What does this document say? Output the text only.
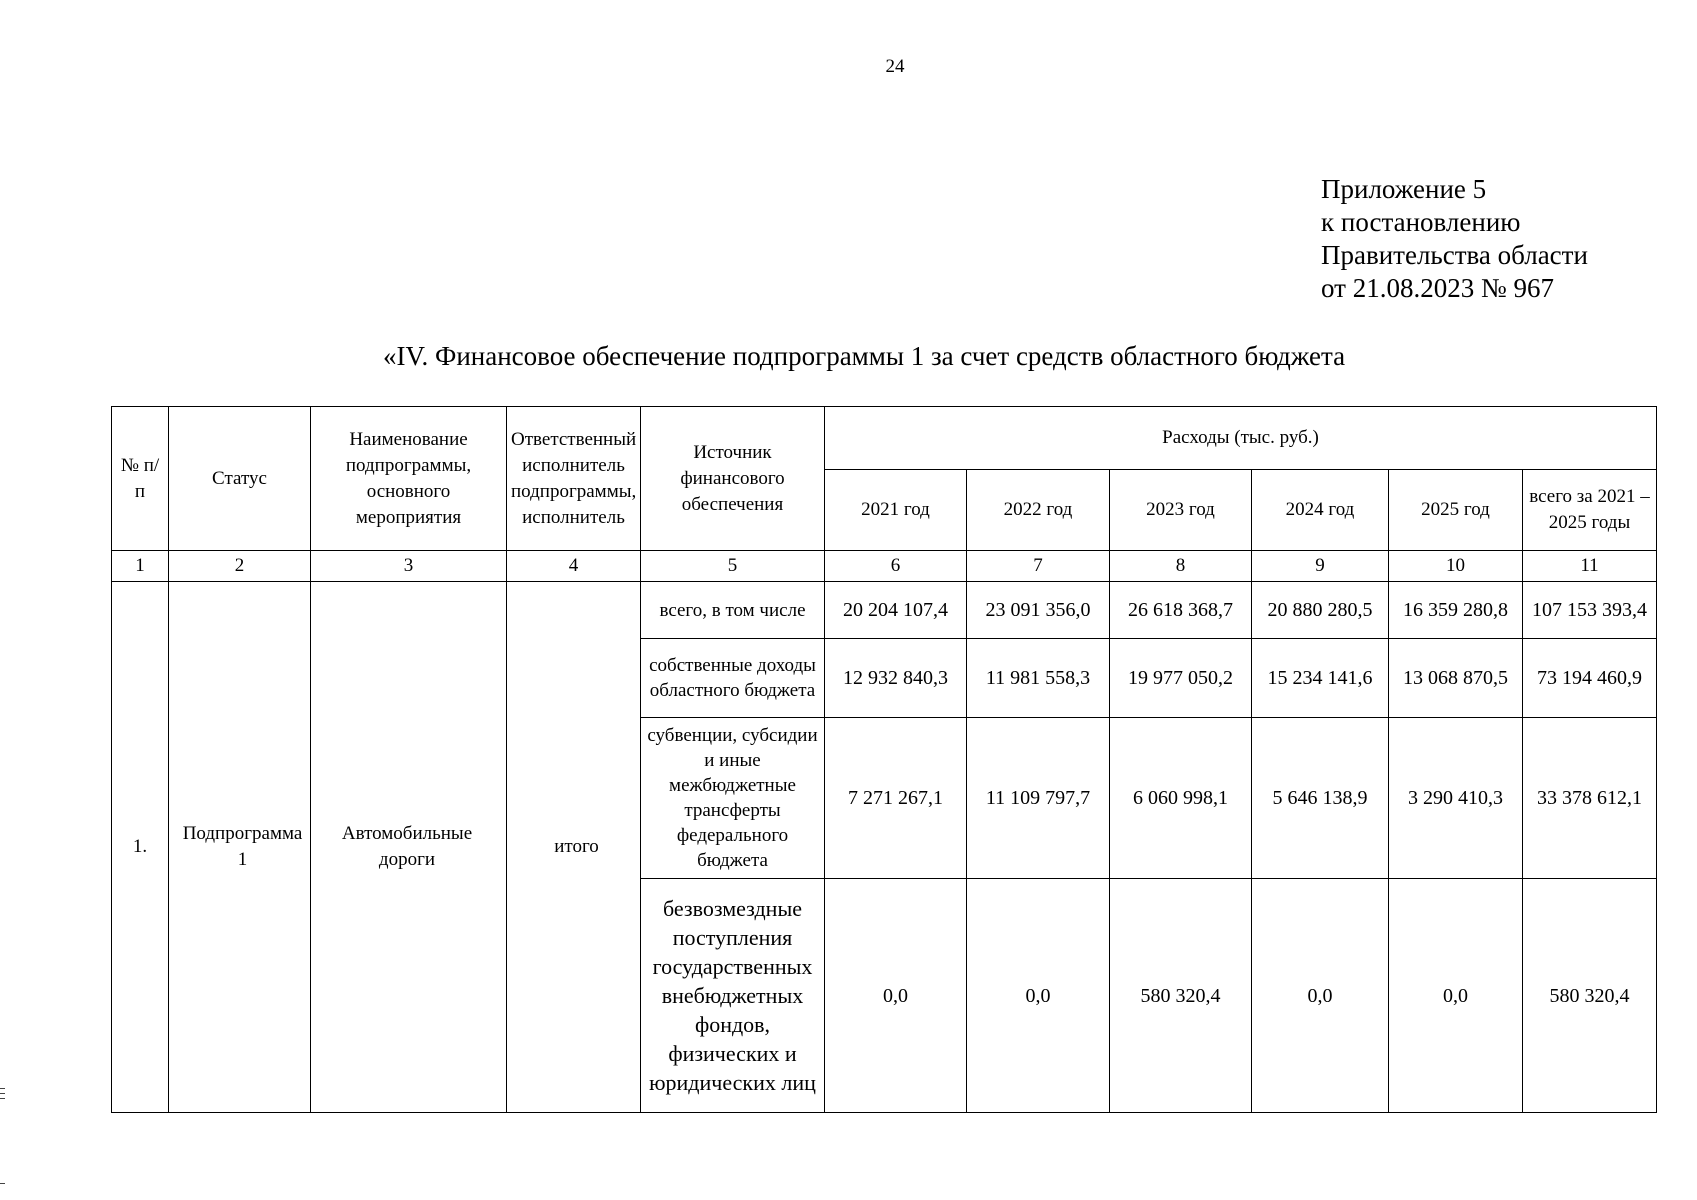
24
Приложение 5
к постановлению
Правительства области
от 21.08.2023 № 967
«IV. Финансовое обеспечение подпрограммы 1 за счет средств областного бюджета
№ п/п	Статус	Наименование подпрограммы, основного мероприятия	Ответственный исполнитель подпрограммы, исполнитель	Источник финансового обеспечения	Расходы (тыс. руб.)					
					2021 год	2022 год	2023 год	2024 год	2025 год	всего за 2021 – 2025 годы
1	2	3	4	5	6	7	8	9	10	11
1.	Подпрограмма 1	Автомобильные дороги	итого	всего, в том числе	20 204 107,4	23 091 356,0	26 618 368,7	20 880 280,5	16 359 280,8	107 153 393,4
				собственные доходы областного бюджета	12 932 840,3	11 981 558,3	19 977 050,2	15 234 141,6	13 068 870,5	73 194 460,9
				субвенции, субсидии и иные межбюджетные трансферты федерального бюджета	7 271 267,1	11 109 797,7	6 060 998,1	5 646 138,9	3 290 410,3	33 378 612,1
				безвозмездные поступления государственных внебюджетных фондов, физических и юридических лиц	0,0	0,0	580 320,4	0,0	0,0	580 320,4
